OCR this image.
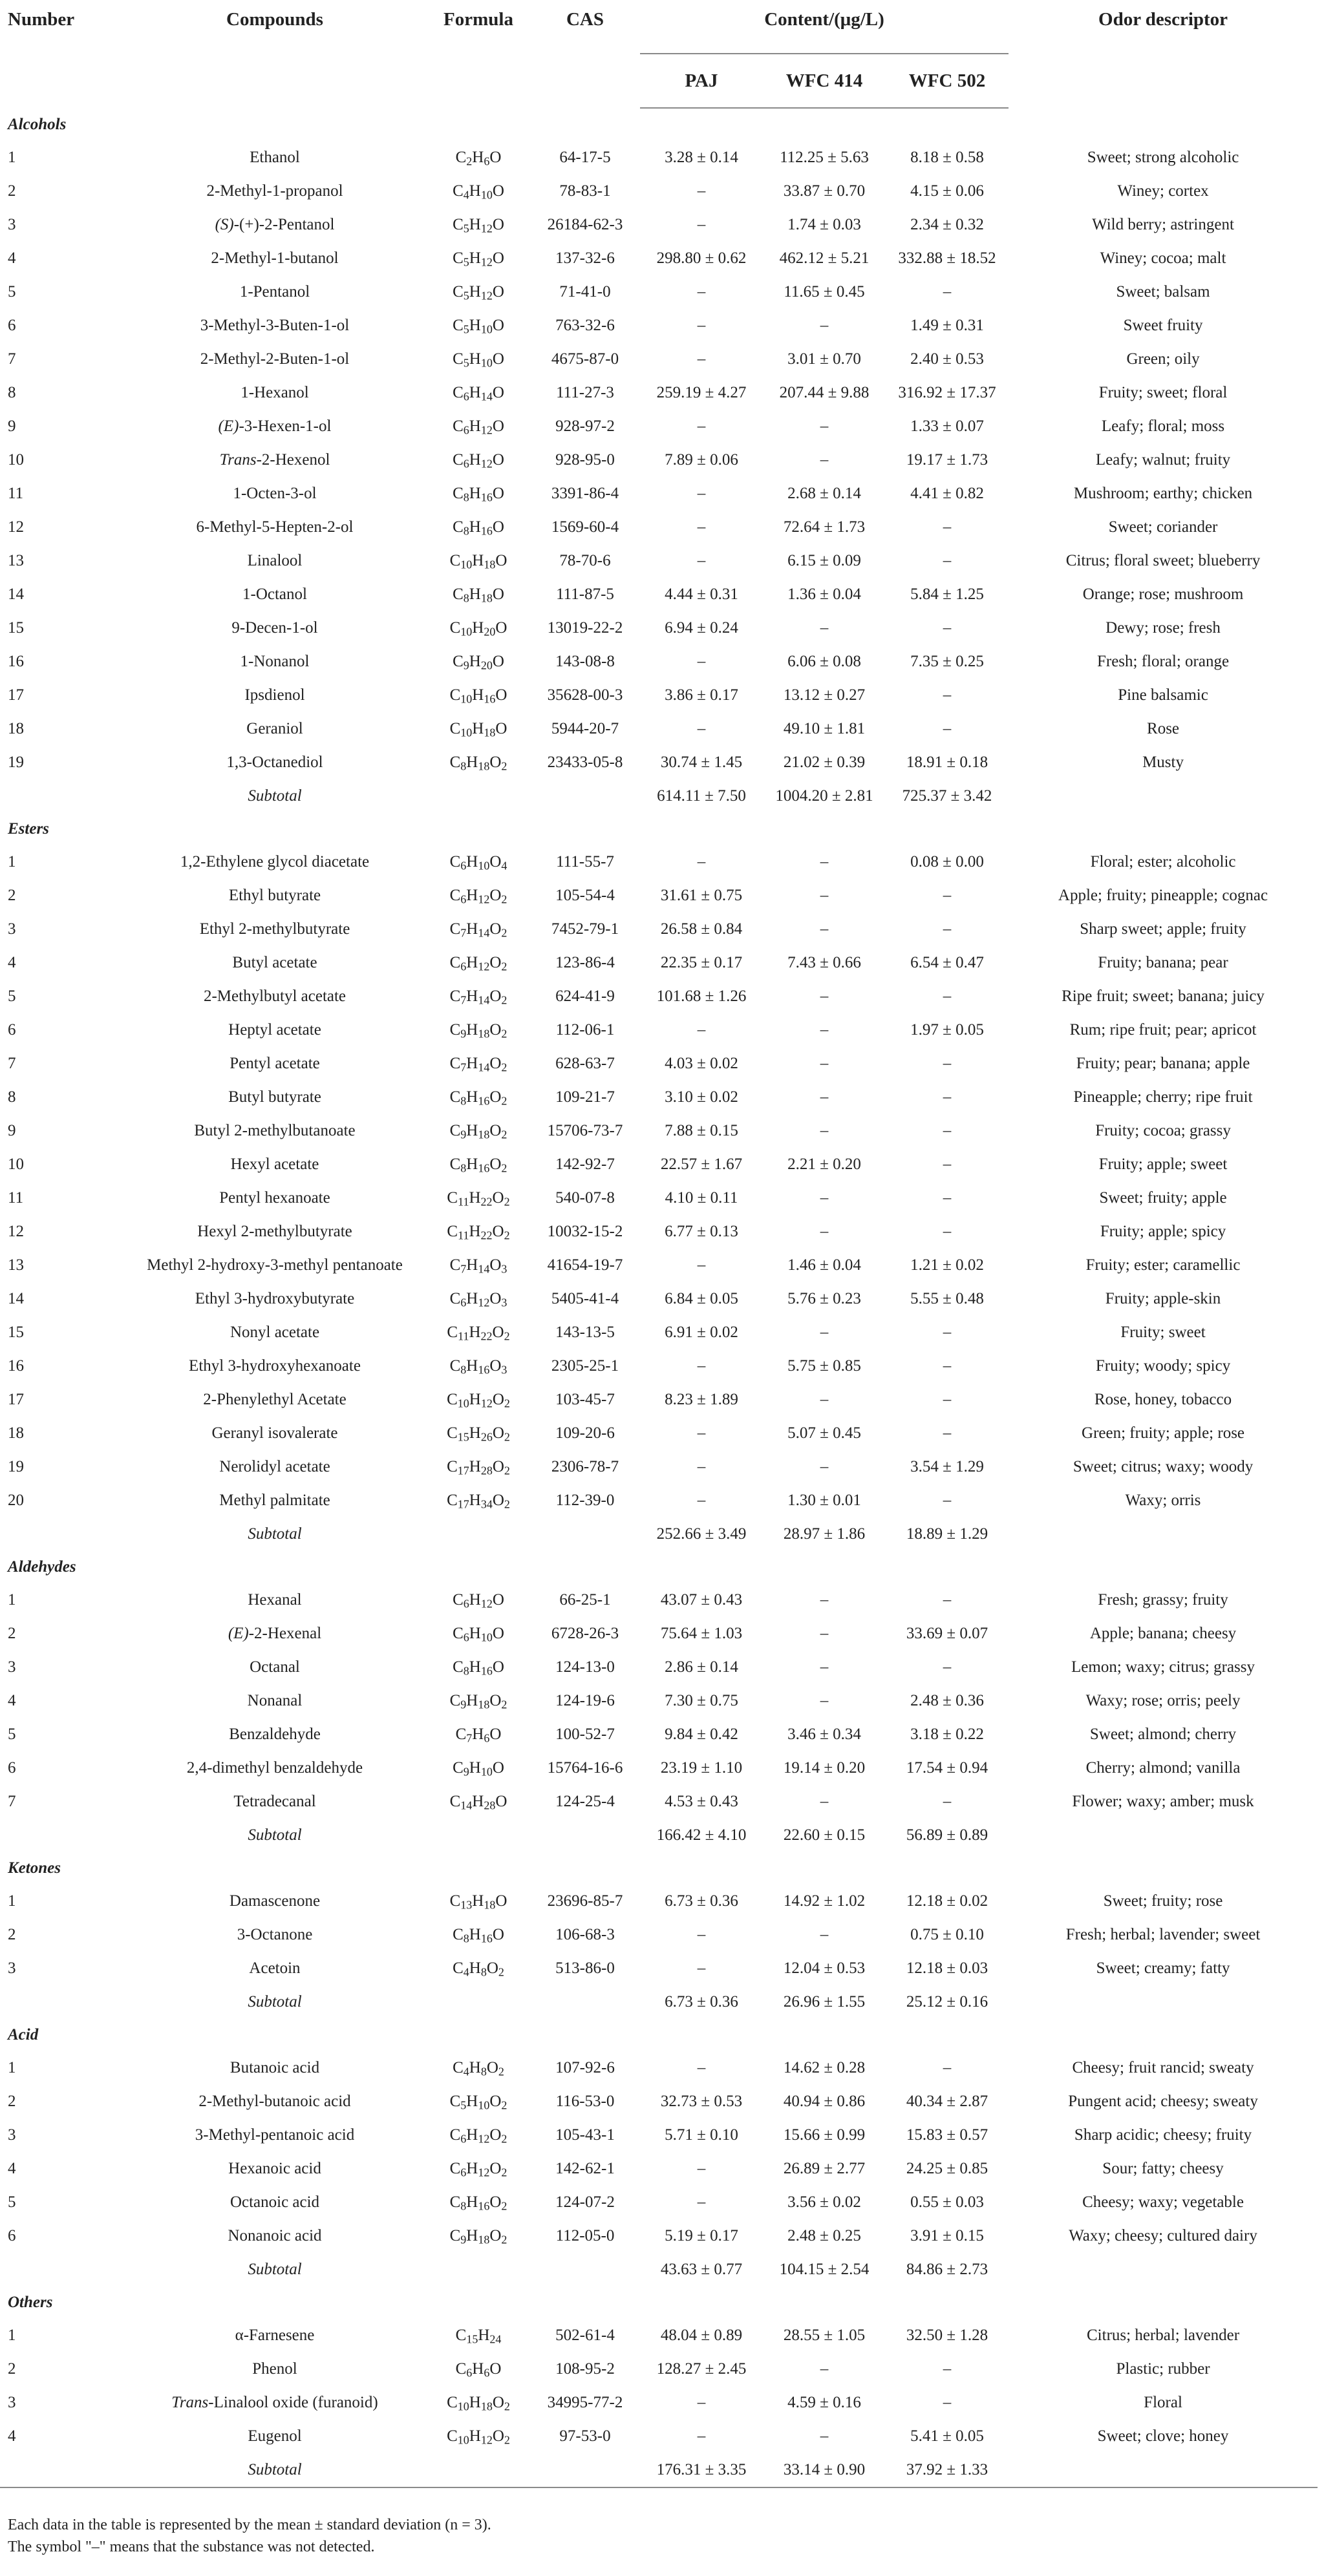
Number	Compounds	Formula	CAS	Content/(μg/L)			Odor descriptor
				PAJ	WFC 414	WFC 502	
Alcohols							
1	Ethanol	$C_2H_6O$	64-17-5	3.28 ± 0.14	112.25 ± 5.63	8.18 ± 0.58	Sweet; strong alcoholic
2	2-Methyl-1-propanol	$C_4H_{10}O$	78-83-1	–	33.87 ± 0.70	4.15 ± 0.06	Winey; cortex
3	(S)-(+)-2-Pentanol	$C_5H_{12}O$	26184-62-3	–	1.74 ± 0.03	2.34 ± 0.32	Wild berry; astringent
4	2-Methyl-1-butanol	$C_5H_{12}O$	137-32-6	298.80 ± 0.62	462.12 ± 5.21	332.88 ± 18.52	Winey; cocoa; malt
5	1-Pentanol	$C_5H_{12}O$	71-41-0	–	11.65 ± 0.45	–	Sweet; balsam
6	3-Methyl-3-Buten-1-ol	$C_5H_{10}O$	763-32-6	–	–	1.49 ± 0.31	Sweet fruity
7	2-Methyl-2-Buten-1-ol	$C_5H_{10}O$	4675-87-0	–	3.01 ± 0.70	2.40 ± 0.53	Green; oily
8	1-Hexanol	$C_6H_{14}O$	111-27-3	259.19 ± 4.27	207.44 ± 9.88	316.92 ± 17.37	Fruity; sweet; floral
9	(E)-3-Hexen-1-ol	$C_6H_{12}O$	928-97-2	–	–	1.33 ± 0.07	Leafy; floral; moss
10	Trans-2-Hexenol	$C_6H_{12}O$	928-95-0	7.89 ± 0.06	–	19.17 ± 1.73	Leafy; walnut; fruity
11	1-Octen-3-ol	$C_8H_{16}O$	3391-86-4	–	2.68 ± 0.14	4.41 ± 0.82	Mushroom; earthy; chicken
12	6-Methyl-5-Hepten-2-ol	$C_8H_{16}O$	1569-60-4	–	72.64 ± 1.73	–	Sweet; coriander
13	Linalool	$C_{10}H_{18}O$	78-70-6	–	6.15 ± 0.09	–	Citrus; floral sweet; blueberry
14	1-Octanol	$C_8H_{18}O$	111-87-5	4.44 ± 0.31	1.36 ± 0.04	5.84 ± 1.25	Orange; rose; mushroom
15	9-Decen-1-ol	$C_{10}H_{20}O$	13019-22-2	6.94 ± 0.24	–	–	Dewy; rose; fresh
16	1-Nonanol	$C_9H_{20}O$	143-08-8	–	6.06 ± 0.08	7.35 ± 0.25	Fresh; floral; orange
17	Ipsdienol	$C_{10}H_{16}O$	35628-00-3	3.86 ± 0.17	13.12 ± 0.27	–	Pine balsamic
18	Geraniol	$C_{10}H_{18}O$	5944-20-7	–	49.10 ± 1.81	–	Rose
19	1,3-Octanediol	$C_8H_{18}O_2$	23433-05-8	30.74 ± 1.45	21.02 ± 0.39	18.91 ± 0.18	Musty
	Subtotal			614.11 ± 7.50	1004.20 ± 2.81	725.37 ± 3.42	
Esters							
1	1,2-Ethylene glycol diacetate	$C_6H_{10}O_4$	111-55-7	–	–	0.08 ± 0.00	Floral; ester; alcoholic
2	Ethyl butyrate	$C_6H_{12}O_2$	105-54-4	31.61 ± 0.75	–	–	Apple; fruity; pineapple; cognac
3	Ethyl 2-methylbutyrate	$C_7H_{14}O_2$	7452-79-1	26.58 ± 0.84	–	–	Sharp sweet; apple; fruity
4	Butyl acetate	$C_6H_{12}O_2$	123-86-4	22.35 ± 0.17	7.43 ± 0.66	6.54 ± 0.47	Fruity; banana; pear
5	2-Methylbutyl acetate	$C_7H_{14}O_2$	624-41-9	101.68 ± 1.26	–	–	Ripe fruit; sweet; banana; juicy
6	Heptyl acetate	$C_9H_{18}O_2$	112-06-1	–	–	1.97 ± 0.05	Rum; ripe fruit; pear; apricot
7	Pentyl acetate	$C_7H_{14}O_2$	628-63-7	4.03 ± 0.02	–	–	Fruity; pear; banana; apple
8	Butyl butyrate	$C_8H_{16}O_2$	109-21-7	3.10 ± 0.02	–	–	Pineapple; cherry; ripe fruit
9	Butyl 2-methylbutanoate	$C_9H_{18}O_2$	15706-73-7	7.88 ± 0.15	–	–	Fruity; cocoa; grassy
10	Hexyl acetate	$C_8H_{16}O_2$	142-92-7	22.57 ± 1.67	2.21 ± 0.20	–	Fruity; apple; sweet
11	Pentyl hexanoate	$C_{11}H_{22}O_2$	540-07-8	4.10 ± 0.11	–	–	Sweet; fruity; apple
12	Hexyl 2-methylbutyrate	$C_{11}H_{22}O_2$	10032-15-2	6.77 ± 0.13	–	–	Fruity; apple; spicy
13	Methyl 2-hydroxy-3-methyl pentanoate	$C_7H_{14}O_3$	41654-19-7	–	1.46 ± 0.04	1.21 ± 0.02	Fruity; ester; caramellic
14	Ethyl 3-hydroxybutyrate	$C_6H_{12}O_3$	5405-41-4	6.84 ± 0.05	5.76 ± 0.23	5.55 ± 0.48	Fruity; apple-skin
15	Nonyl acetate	$C_{11}H_{22}O_2$	143-13-5	6.91 ± 0.02	–	–	Fruity; sweet
16	Ethyl 3-hydroxyhexanoate	$C_8H_{16}O_3$	2305-25-1	–	5.75 ± 0.85	–	Fruity; woody; spicy
17	2-Phenylethyl Acetate	$C_{10}H_{12}O_2$	103-45-7	8.23 ± 1.89	–	–	Rose, honey, tobacco
18	Geranyl isovalerate	$C_{15}H_{26}O_2$	109-20-6	–	5.07 ± 0.45	–	Green; fruity; apple; rose
19	Nerolidyl acetate	$C_{17}H_{28}O_2$	2306-78-7	–	–	3.54 ± 1.29	Sweet; citrus; waxy; woody
20	Methyl palmitate	$C_{17}H_{34}O_2$	112-39-0	–	1.30 ± 0.01	–	Waxy; orris
	Subtotal			252.66 ± 3.49	28.97 ± 1.86	18.89 ± 1.29	
Aldehydes							
1	Hexanal	$C_6H_{12}O$	66-25-1	43.07 ± 0.43	–	–	Fresh; grassy; fruity
2	(E)-2-Hexenal	$C_6H_{10}O$	6728-26-3	75.64 ± 1.03	–	33.69 ± 0.07	Apple; banana; cheesy
3	Octanal	$C_8H_{16}O$	124-13-0	2.86 ± 0.14	–	–	Lemon; waxy; citrus; grassy
4	Nonanal	$C_9H_{18}O_2$	124-19-6	7.30 ± 0.75	–	2.48 ± 0.36	Waxy; rose; orris; peely
5	Benzaldehyde	$C_7H_6O$	100-52-7	9.84 ± 0.42	3.46 ± 0.34	3.18 ± 0.22	Sweet; almond; cherry
6	2,4-dimethyl benzaldehyde	$C_9H_{10}O$	15764-16-6	23.19 ± 1.10	19.14 ± 0.20	17.54 ± 0.94	Cherry; almond; vanilla
7	Tetradecanal	$C_{14}H_{28}O$	124-25-4	4.53 ± 0.43	–	–	Flower; waxy; amber; musk
	Subtotal			166.42 ± 4.10	22.60 ± 0.15	56.89 ± 0.89	
Ketones							
1	Damascenone	$C_{13}H_{18}O$	23696-85-7	6.73 ± 0.36	14.92 ± 1.02	12.18 ± 0.02	Sweet; fruity; rose
2	3-Octanone	$C_8H_{16}O$	106-68-3	–	–	0.75 ± 0.10	Fresh; herbal; lavender; sweet
3	Acetoin	$C_4H_8O_2$	513-86-0	–	12.04 ± 0.53	12.18 ± 0.03	Sweet; creamy; fatty
	Subtotal			6.73 ± 0.36	26.96 ± 1.55	25.12 ± 0.16	
Acid							
1	Butanoic acid	$C_4H_8O_2$	107-92-6	–	14.62 ± 0.28	–	Cheesy; fruit rancid; sweaty
2	2-Methyl-butanoic acid	$C_5H_{10}O_2$	116-53-0	32.73 ± 0.53	40.94 ± 0.86	40.34 ± 2.87	Pungent acid; cheesy; sweaty
3	3-Methyl-pentanoic acid	$C_6H_{12}O_2$	105-43-1	5.71 ± 0.10	15.66 ± 0.99	15.83 ± 0.57	Sharp acidic; cheesy; fruity
4	Hexanoic acid	$C_6H_{12}O_2$	142-62-1	–	26.89 ± 2.77	24.25 ± 0.85	Sour; fatty; cheesy
5	Octanoic acid	$C_8H_{16}O_2$	124-07-2	–	3.56 ± 0.02	0.55 ± 0.03	Cheesy; waxy; vegetable
6	Nonanoic acid	$C_9H_{18}O_2$	112-05-0	5.19 ± 0.17	2.48 ± 0.25	3.91 ± 0.15	Waxy; cheesy; cultured dairy
	Subtotal			43.63 ± 0.77	104.15 ± 2.54	84.86 ± 2.73	
Others							
1	α-Farnesene	$C_{15}H_{24}$	502-61-4	48.04 ± 0.89	28.55 ± 1.05	32.50 ± 1.28	Citrus; herbal; lavender
2	Phenol	$C_6H_6O$	108-95-2	128.27 ± 2.45	–	–	Plastic; rubber
3	Trans-Linalool oxide (furanoid)	$C_{10}H_{18}O_2$	34995-77-2	–	4.59 ± 0.16	–	Floral
4	Eugenol	$C_{10}H_{12}O_2$	97-53-0	–	–	5.41 ± 0.05	Sweet; clove; honey
	Subtotal			176.31 ± 3.35	33.14 ± 0.90	37.92 ± 1.33	
Each data in the table is represented by the mean ± standard deviation (n = 3).
The symbol "–" means that the substance was not detected.
